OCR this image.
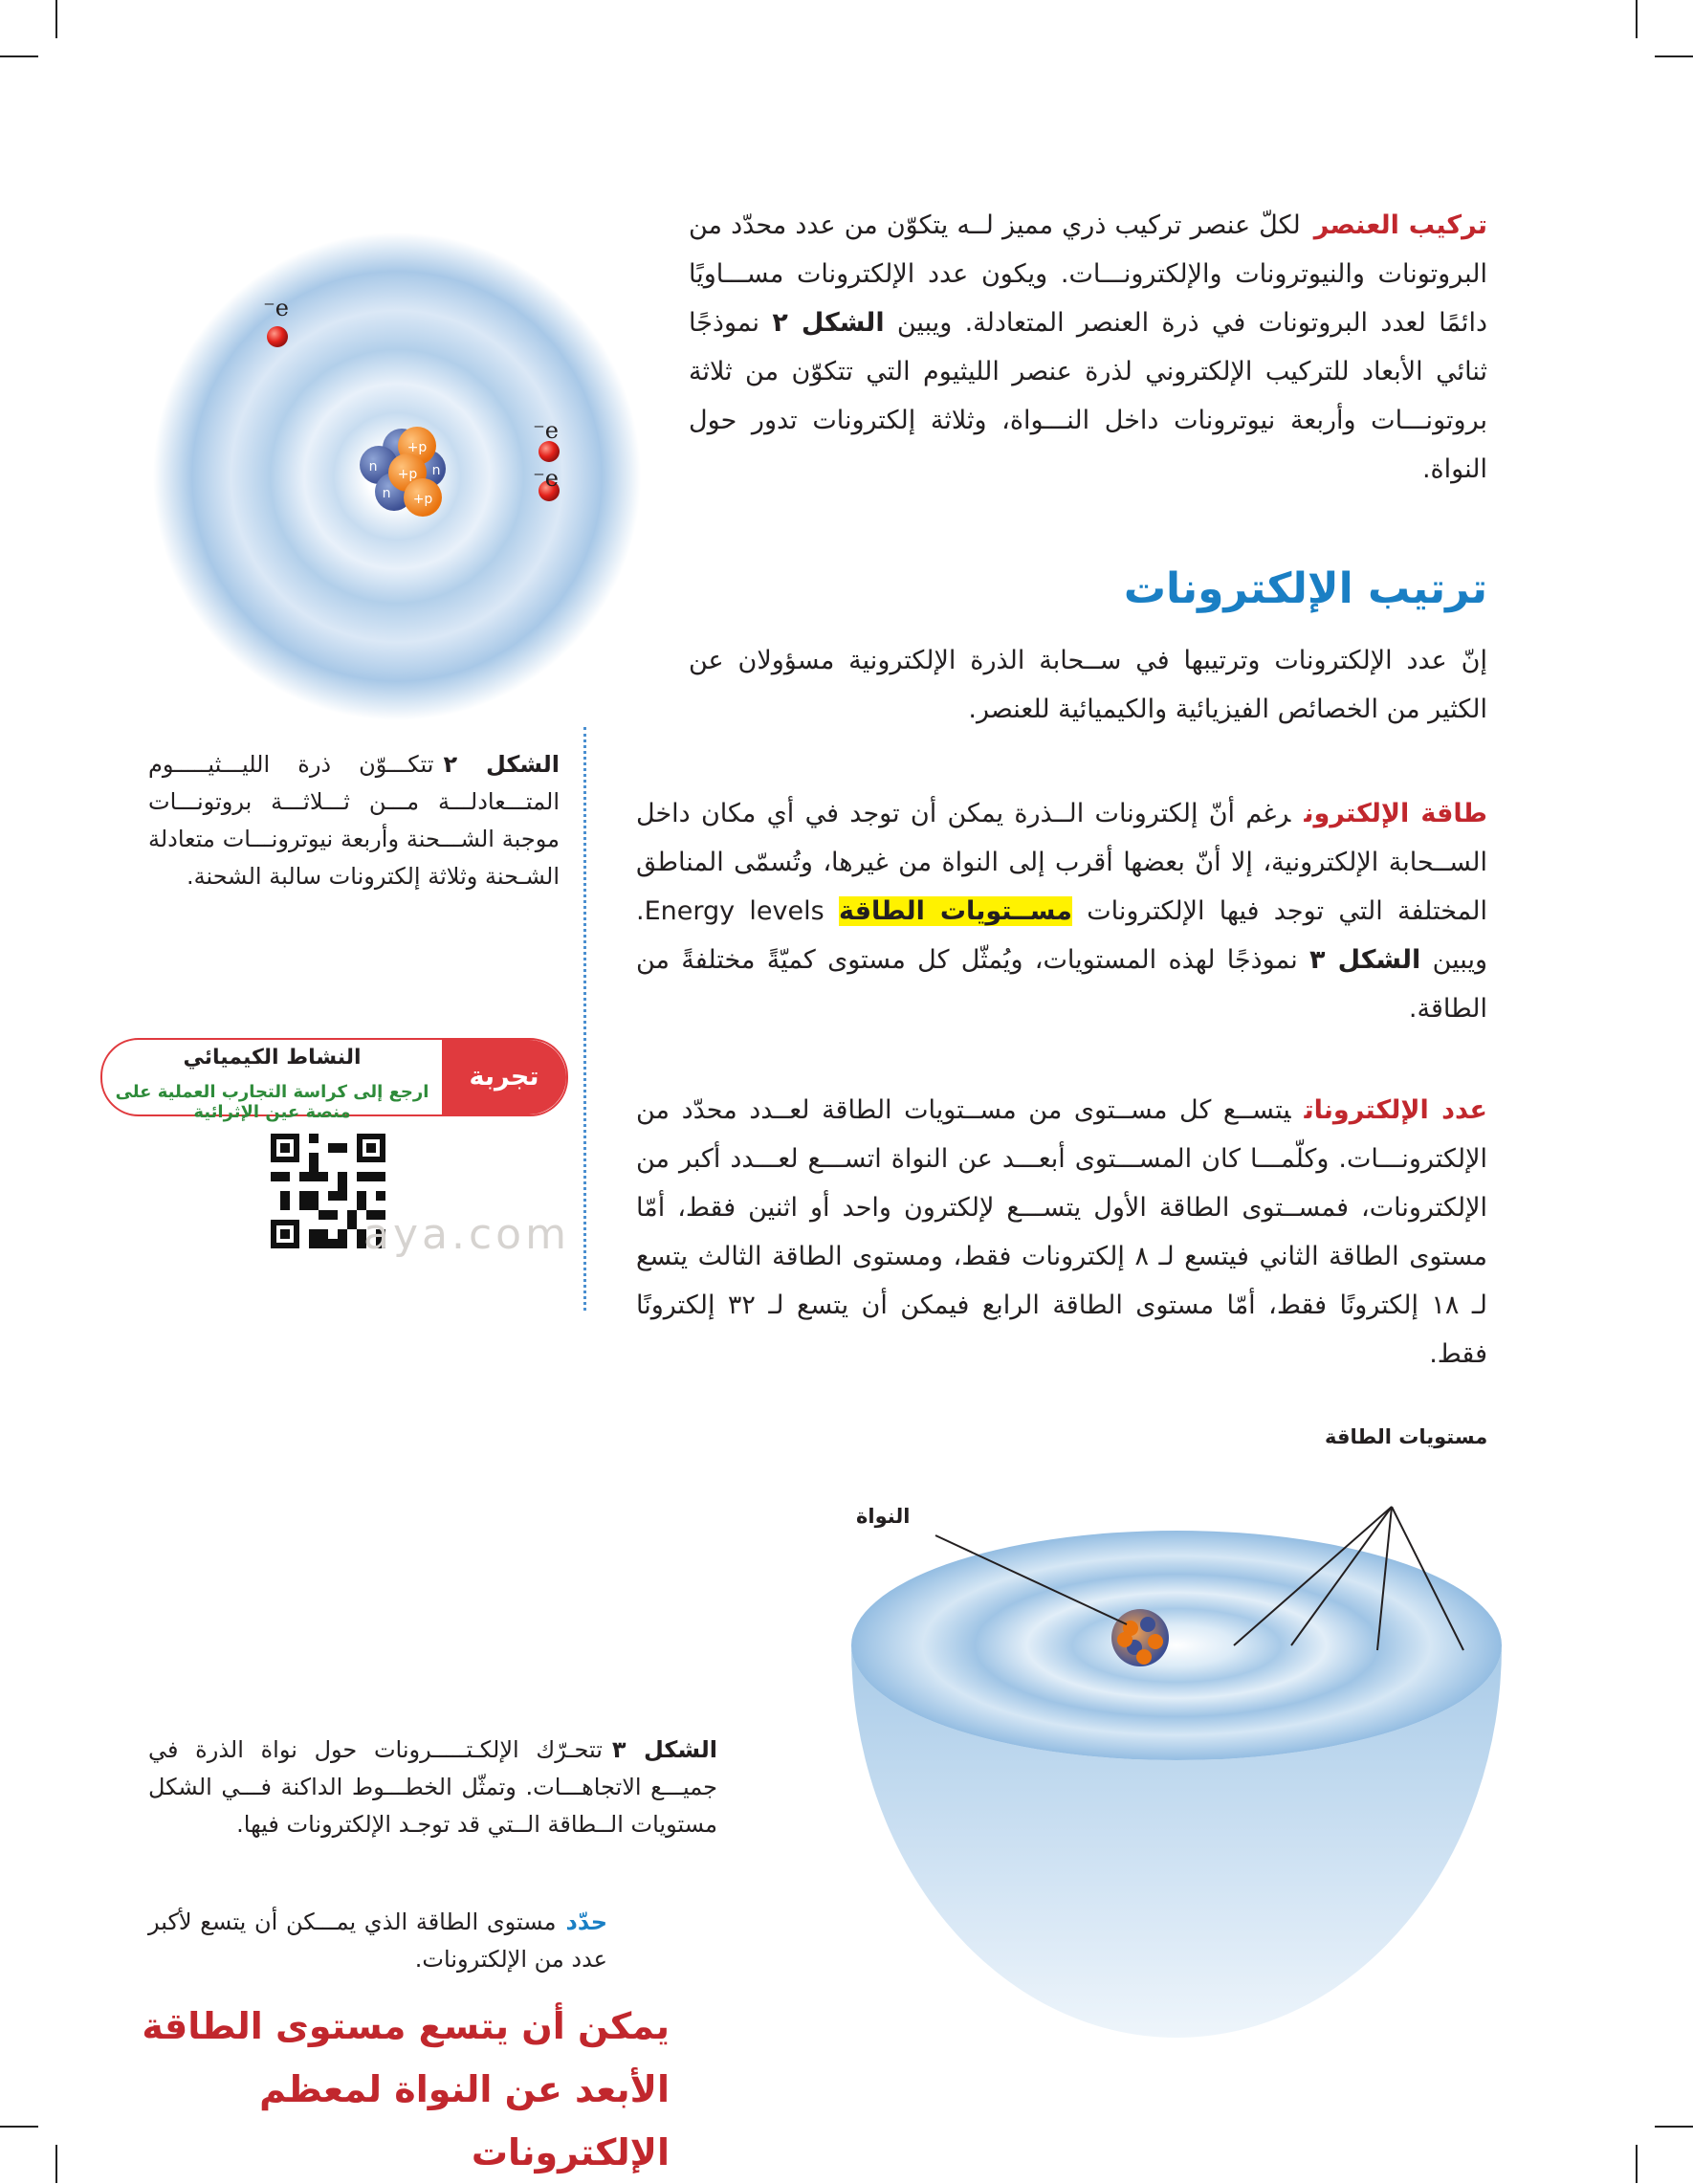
p+
p+
p+
n	n
n
e⁻
e⁻
e⁻
تركيب العنصرلكلّ عنصر تركيب ذري مميز لــه يتكوّن من عدد محدّد من البروتونات والنيوترونات والإلكترونـــات. ويكون عدد الإلكترونات مســـاويًا دائمًا لعدد البروتونات في ذرة العنصر المتعادلة. ويبين الشكل ٢ نموذجًا ثنائي الأبعاد للتركيب الإلكتروني لذرة عنصر الليثيوم التي تتكوّن من ثلاثة بروتونـــات وأربعة نيوترونات داخل النـــواة، وثلاثة إلكترونات تدور حول النواة.
ترتيب الإلكترونات
إنّ عدد الإلكترونات وترتيبها في ســحابة الذرة الإلكترونية مسؤولان عن الكثير من الخصائص الفيزيائية والكيميائية للعنصر.
طاقة الإلكترونرغم أنّ إلكترونات الــذرة يمكن أن توجد في أي مكان داخل الســحابة الإلكترونية، إلا أنّ بعضها أقرب إلى النواة من غيرها، وتُسمّى المناطق المختلفة التي توجد فيها الإلكترونات مســتويات الطاقة Energy levels. ويبين الشكل ٣ نموذجًا لهذه المستويات، ويُمثّل كل مستوى كميّةً مختلفةً من الطاقة.
عدد الإلكتروناتيتســع كل مســتوى من مســتويات الطاقة لعــدد محدّد من الإلكترونـــات. وكلّمـــا كان المســـتوى أبعـــد عن النواة اتســـع لعـــدد أكبر من الإلكترونات، فمســتوى الطاقة الأول يتســـع لإلكترون واحد أو اثنين فقط، أمّا مستوى الطاقة الثاني فيتسع لـ ٨ إلكترونات فقط، ومستوى الطاقة الثالث يتسع لـ ١٨ إلكترونًا فقط، أمّا مستوى الطاقة الرابع فيمكن أن يتسع لـ ٣٢ إلكترونًا فقط.
الشكل ٢تتكـــوّن ذرة الليـــثيـــــوم المتـــعادلـــة مـــن ثـــلاثـــة بروتونـــات موجبة الشـــحنة وأربعة نيوترونـــات متعادلة الشـحنة وثلاثة إلكترونات سالبة الشحنة.
تجربة عملية
النشاط الكيميائي
ارجع إلى كراسة التجارب العملية على منصة عين الإثرائية
aya.com
مستويات الطاقة
النواة
الشكل ٣تتحـرّك الإلكـتـــــرونات حول نواة الذرة في جميـــع الاتجاهـــات. وتمثّل الخطـــوط الداكنة فـــي الشكل مستويات الــطاقة الــتي قد توجـد الإلكترونات فيها.
حدّدمستوى الطاقة الذي يمـــكن أن يتسع لأكبر عدد من الإلكترونات.
يمكن أن يتسع مستوى الطاقة الأبعد عن النواة لمعظم الإلكترونات
